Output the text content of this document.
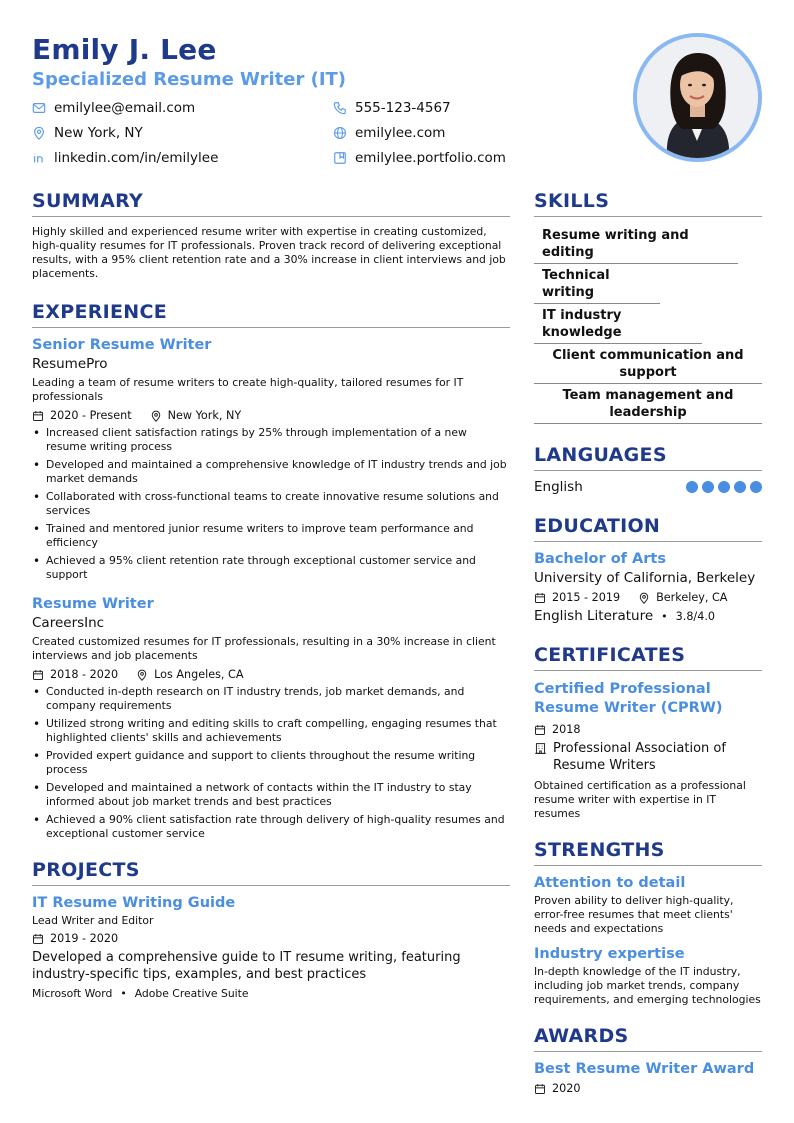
Emily J. Lee
Specialized Resume Writer (IT)
emilylee@email.com	555-123-4567
New York, NY	emilylee.com
linkedin.com/in/emilylee	emilylee.portfolio.com
SUMMARY
Highly skilled and experienced resume writer with expertise in creating customized, high-quality resumes for IT professionals. Proven track record of delivering exceptional results, with a 95% client retention rate and a 30% increase in client interviews and job placements.
EXPERIENCE
Senior Resume Writer
ResumePro
Leading a team of resume writers to create high-quality, tailored resumes for IT professionals
2020 - Present	New York, NY
• Increased client satisfaction ratings by 25% through implementation of a new resume writing process
• Developed and maintained a comprehensive knowledge of IT industry trends and job market demands
• Collaborated with cross-functional teams to create innovative resume solutions and services
• Trained and mentored junior resume writers to improve team performance and efficiency
• Achieved a 95% client retention rate through exceptional customer service and support
Resume Writer
CareersInc
Created customized resumes for IT professionals, resulting in a 30% increase in client interviews and job placements
2018 - 2020	Los Angeles, CA
• Conducted in-depth research on IT industry trends, job market demands, and company requirements
• Utilized strong writing and editing skills to craft compelling, engaging resumes that highlighted clients' skills and achievements
• Provided expert guidance and support to clients throughout the resume writing process
• Developed and maintained a network of contacts within the IT industry to stay informed about job market trends and best practices
• Achieved a 90% client satisfaction rate through delivery of high-quality resumes and exceptional customer service
PROJECTS
IT Resume Writing Guide
Lead Writer and Editor
2019 - 2020
Developed a comprehensive guide to IT resume writing, featuring industry-specific tips, examples, and best practices
Microsoft Word • Adobe Creative Suite
SKILLS
Resume writing and editing
Technical writing
IT industry knowledge
Client communication and support
Team management and leadership
LANGUAGES
English
EDUCATION
Bachelor of Arts
University of California, Berkeley
2015 - 2019	Berkeley, CA
English Literature • 3.8/4.0
CERTIFICATES
Certified Professional Resume Writer (CPRW)
2018
Professional Association of Resume Writers
Obtained certification as a professional resume writer with expertise in IT resumes
STRENGTHS
Attention to detail
Proven ability to deliver high-quality, error-free resumes that meet clients' needs and expectations
Industry expertise
In-depth knowledge of the IT industry, including job market trends, company requirements, and emerging technologies
AWARDS
Best Resume Writer Award
2020
